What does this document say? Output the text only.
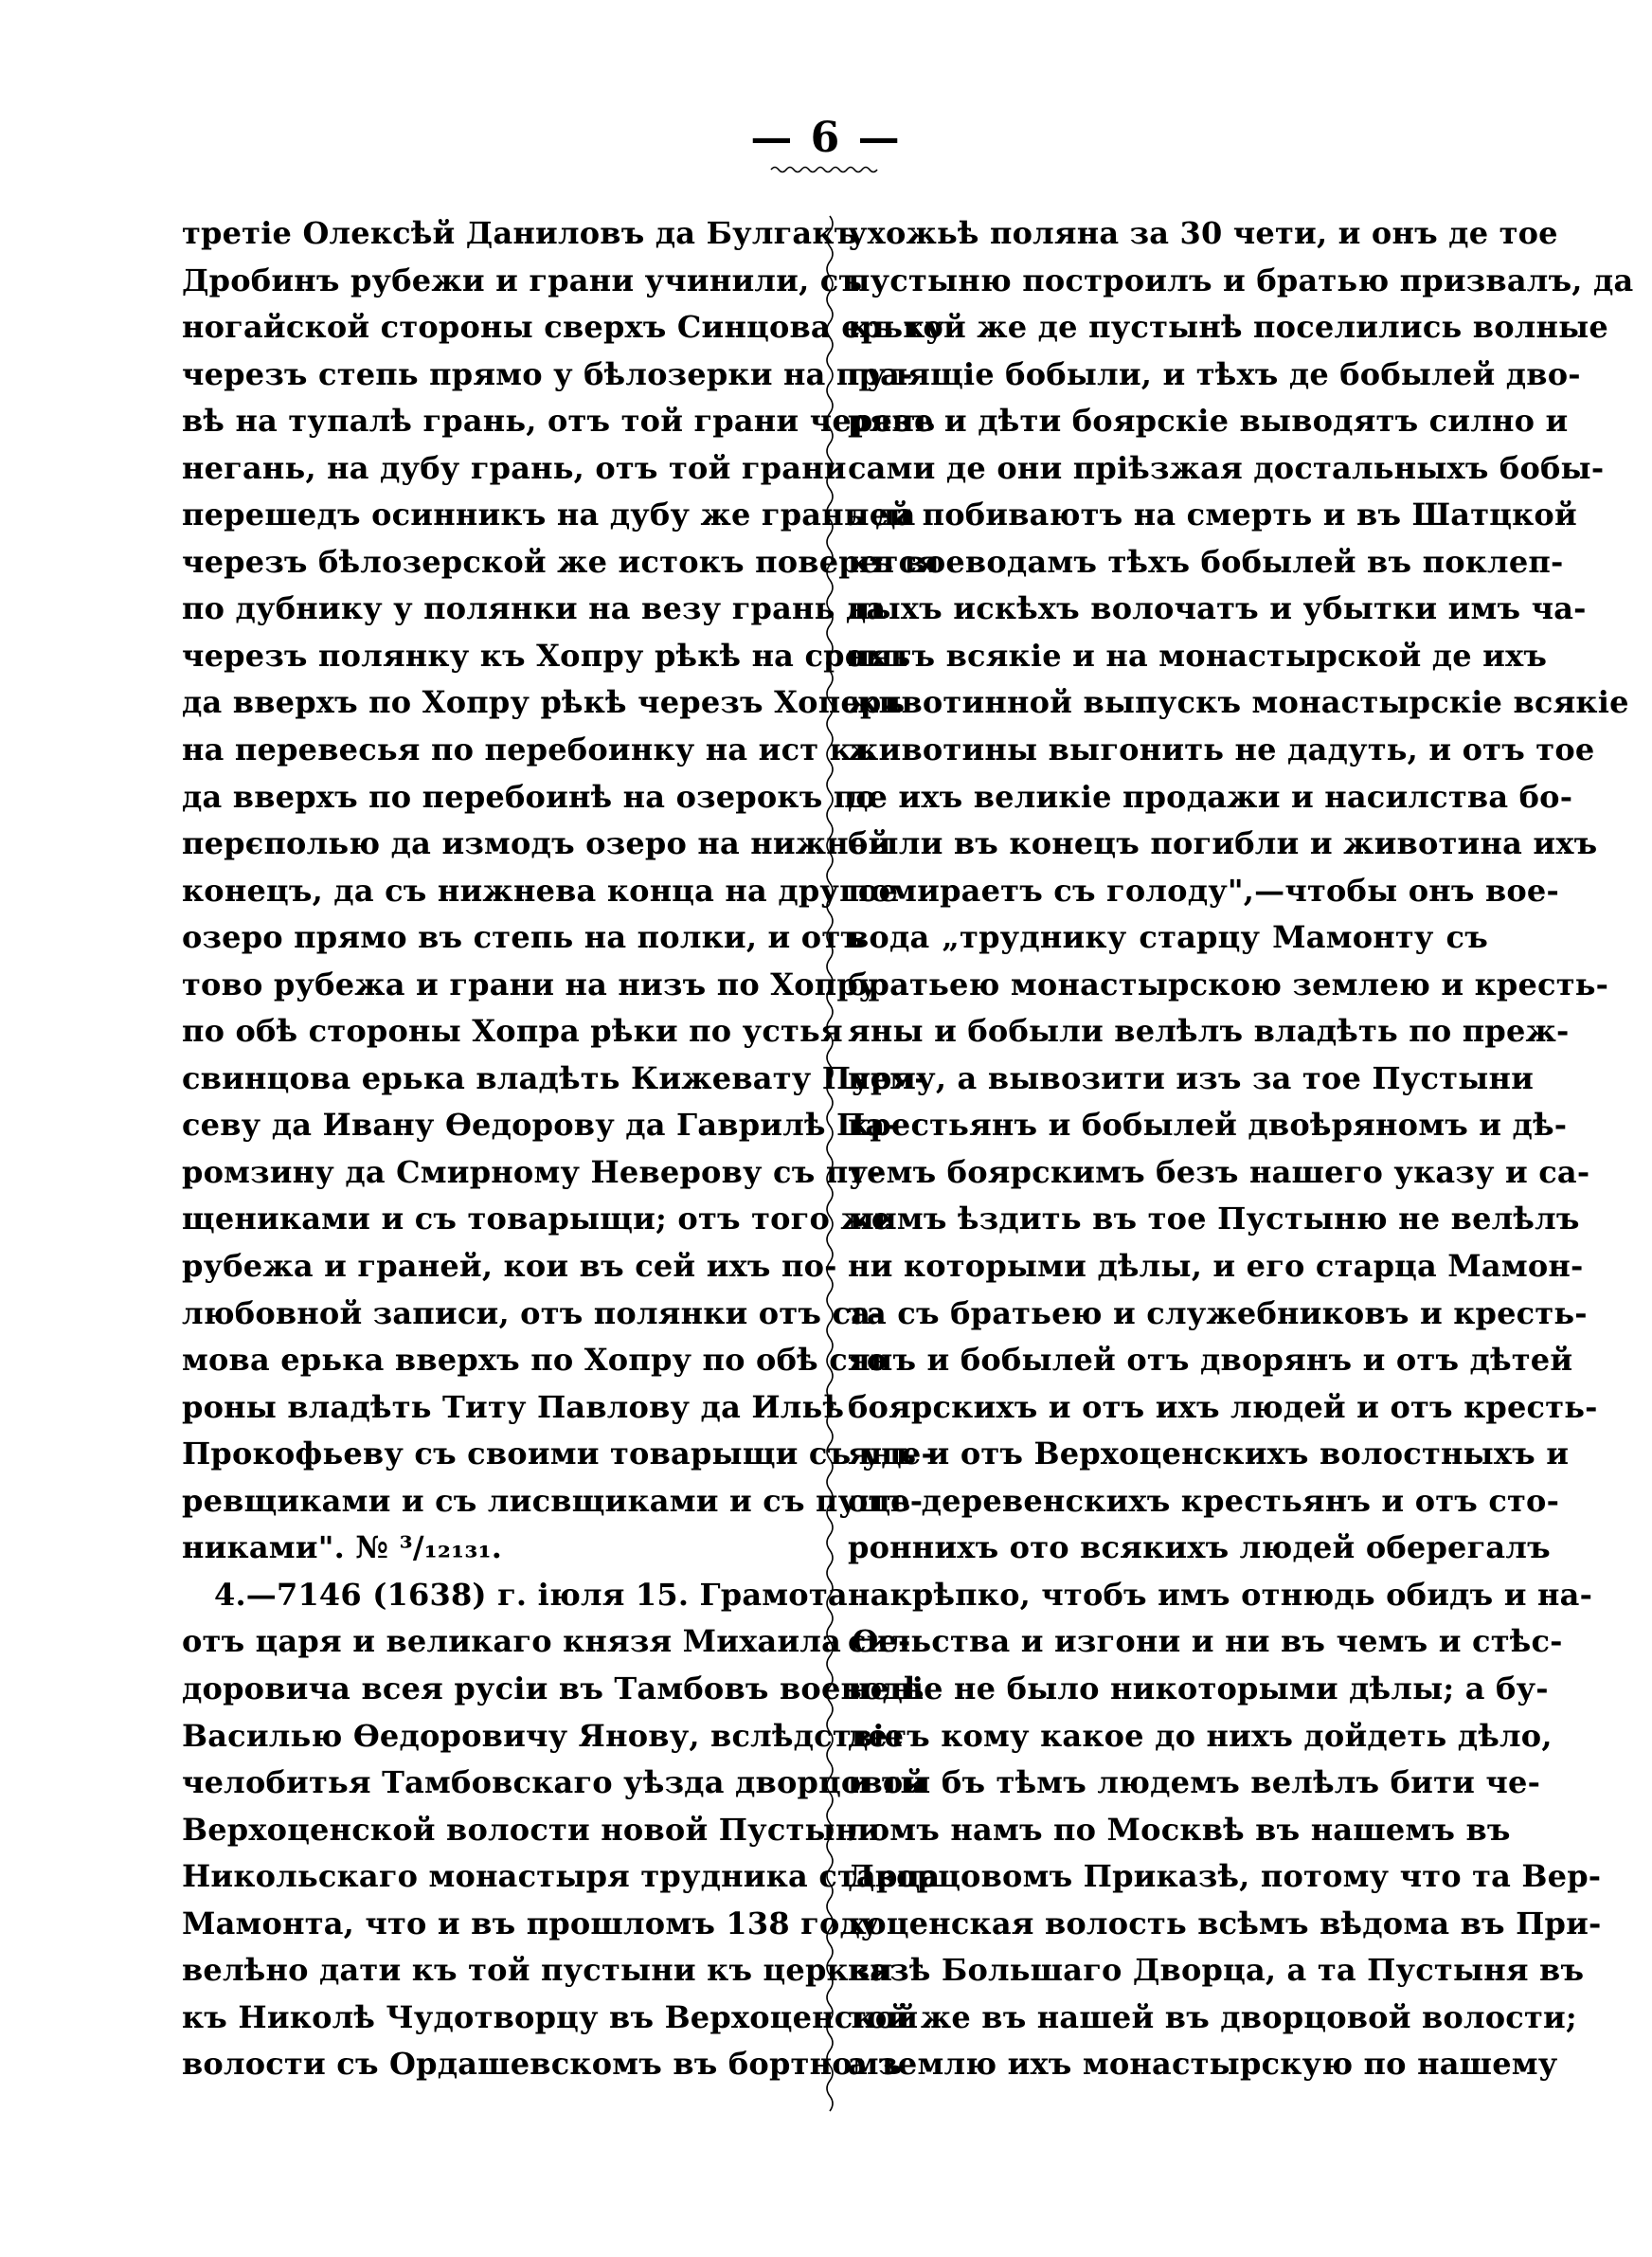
— 6 —
третіе Олексѣй Даниловъ да Булгакъ
Дробинъ рубежи и грани учинили, съ
ногайской стороны сверхъ Синцова ерьку
черезъ степь прямо у бѣлозерки на пра-
вѣ на тупалѣ грань, отъ той грани черезъ
негань, на дубу грань, отъ той грани
перешедъ осинникъ на дубу же грань да
черезъ бѣлозерской же истокъ поверется
по дубнику у полянки на везу грань да
черезъ полянку къ Хопру рѣкѣ на срокъ
да вверхъ по Хопру рѣкѣ черезъ Хоперъ
на перевесья по перебоинку на ист къ
да вверхъ по перебоинѣ на озерокъ по
перєполью да измодъ озеро на нижней
конецъ, да съ нижнева конца на другое
озеро прямо въ степь на полки, и отъ
тово рубежа и грани на низъ по Хопру
по обѣ стороны Хопра рѣки по устья
свинцова ерька владѣть Кижевату Пуря-
севу да Ивану Ѳедорову да Гаврилѣ Па-
ромзину да Смирному Неверову съ пу-
щениками и съ товарыщи; отъ того же
рубежа и граней, кои въ сей ихъ по-
любовной записи, отъ полянки отъ са-
мова ерька вверхъ по Хопру по обѣ сто
роны владѣть Титу Павлову да Ильѣ
Прокофьеву съ своими товарыщи съ уде-
ревщиками и съ лисвщиками и съ пуще-
никами". № ³/₁₂₁₃₁.
4.—7146 (1638) г. іюля 15. Грамота
отъ царя и великаго князя Михаила Ѳе-
доровича всея русіи въ Тамбовъ воеводѣ
Василью Ѳедоровичу Янову, вслѣдствіе
челобитья Тамбовскаго уѣзда дворцовой
Верхоценской волости новой Пустыни
Никольскаго монастыря трудника старца
Мамонта, что и въ прошломъ 138 году
велѣно дати къ той пустыни къ церкви
къ Николѣ Чудотворцу въ Верхоценской
волости съ Ордашевскомъ въ бортномъ
ухожьѣ поляна за 30 чети, и онъ де тое
пустыню построилъ и братью призвалъ, да
къ той же де пустынѣ поселились волные
гулящіе бобыли, и тѣхъ де бобылей дво-
ряне и дѣти боярскіе выводятъ силно и
сами де они пріѣзжая достальныхъ бобы-
лей побиваютъ на смерть и въ Шатцкой
къ воеводамъ тѣхъ бобылей въ поклеп-
ныхъ искѣхъ волочатъ и убытки имъ ча-
нятъ всякіе и на монастырской де ихъ
животинной выпускъ монастырскіе всякіе
животины выгонить не дадуть, и отъ тое
де ихъ великіе продажи и насилства бо-
были въ конецъ погибли и животина ихъ
помираетъ съ голоду",—чтобы онъ вое-
вода „труднику старцу Мамонту съ
братьею монастырскою землею и кресть-
яны и бобыли велѣлъ владѣть по преж-
нему, а вывозити изъ за тое Пустыни
крестьянъ и бобылей двоѣряномъ и дѣ-
темъ боярскимъ безъ нашего указу и са-
мимъ ѣздить въ тое Пустыню не велѣлъ
ни которыми дѣлы, и его старца Мамон-
та съ братьею и служебниковъ и кресть-
янъ и бобылей отъ дворянъ и отъ дѣтей
боярскихъ и отъ ихъ людей и отъ кресть-
янъ и отъ Верхоценскихъ волостныхъ и
отъ деревенскихъ крестьянъ и отъ сто-
роннихъ ото всякихъ людей оберегалъ
накрѣпко, чтобъ имъ отнюдь обидъ и на-
сильства и изгони и ни въ чемъ и стѣс-
неніе не было никоторыми дѣлы; а бу-
детъ кому какое до нихъ дойдеть дѣло,
и ты бъ тѣмъ людемъ велѣлъ бити че-
ломъ намъ по Москвѣ въ нашемъ въ
Дворцовомъ Приказѣ, потому что та Вер-
хоценская волость всѣмъ вѣдома въ При-
казѣ Большаго Дворца, а та Пустыня въ
той же въ нашей въ дворцовой волости;
а землю ихъ монастырскую по нашему
